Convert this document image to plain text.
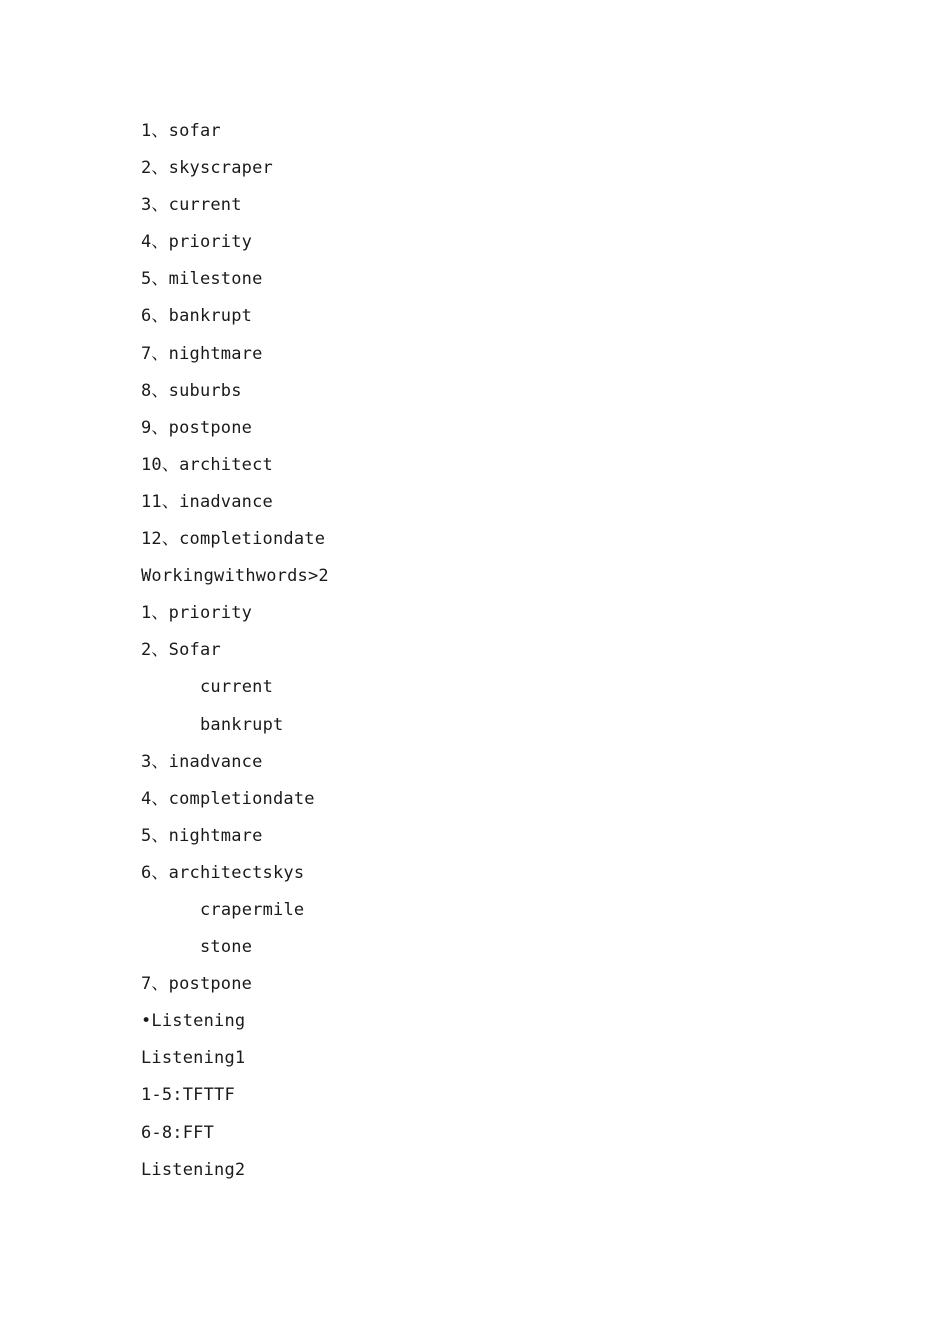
1、sofar
2、skyscraper
3、current
4、priority
5、milestone
6、bankrupt
7、nightmare
8、suburbs
9、postpone
10、architect
11、inadvance
12、completiondate
Workingwithwords>2
1、priority
2、Sofar
current
bankrupt
3、inadvance
4、completiondate
5、nightmare
6、architectskys
crapermile
stone
7、postpone
•Listening
Listening1
1-5:TFTTF
6-8:FFT
Listening2
